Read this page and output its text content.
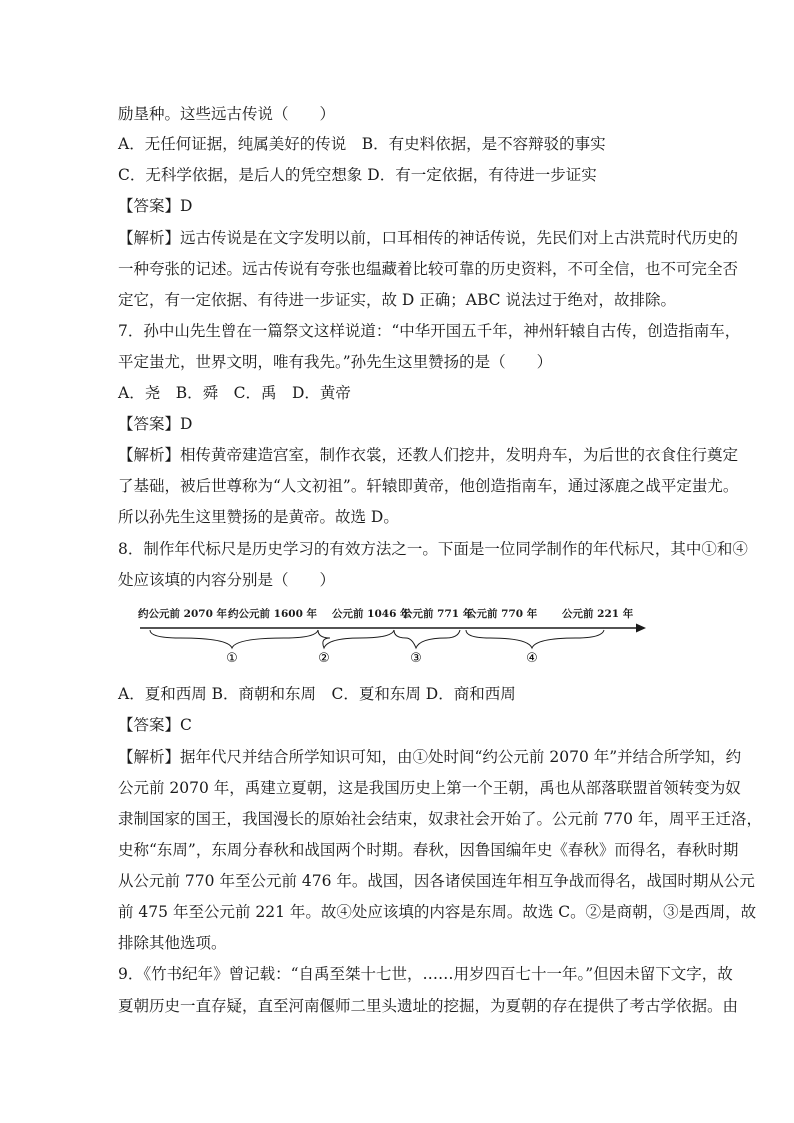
励垦种。这些远古传说（　　）
A．无任何证据，纯属美好的传说　B．有史料依据，是不容辩驳的事实
C．无科学依据，是后人的凭空想象 D．有一定依据，有待进一步证实
【答案】D
【解析】远古传说是在文字发明以前，口耳相传的神话传说，先民们对上古洪荒时代历史的
一种夸张的记述。远古传说有夸张也缊藏着比较可靠的历史资料，不可全信，也不可完全否
定它，有一定依据、有待进一步证实，故 D 正确；ABC 说法过于绝对，故排除。
7．孙中山先生曾在一篇祭文这样说道：“中华开国五千年，神州轩辕自古传，创造指南车，
平定蚩尤，世界文明，唯有我先。”孙先生这里赞扬的是（　　）
A．尧　B．舜　C．禹　D．黄帝
【答案】D
【解析】相传黄帝建造宫室，制作衣裳，还教人们挖井，发明舟车，为后世的衣食住行奠定
了基础，被后世尊称为“人文初祖”。轩辕即黄帝，他创造指南车，通过涿鹿之战平定蚩尤。
所以孙先生这里赞扬的是黄帝。故选 D。
8．制作年代标尺是历史学习的有效方法之一。下面是一位同学制作的年代标尺，其中①和④
处应该填的内容分别是（　　）
①	②	③	④
约公元前 2070 年 约公元前 1600 年 公元前 1046 年
公元前 771 年
公元前 770 年 公元前 221 年
A．夏和西周 B．商朝和东周　C．夏和东周 D．商和西周
【答案】C
【解析】据年代尺并结合所学知识可知，由①处时间“约公元前 2070 年”并结合所学知，约
公元前 2070 年，禹建立夏朝，这是我国历史上第一个王朝，禹也从部落联盟首领转变为奴
隶制国家的国王，我国漫长的原始社会结束，奴隶社会开始了。公元前 770 年，周平王迁洛，
史称“东周”，东周分春秋和战国两个时期。春秋，因鲁国编年史《春秋》而得名，春秋时期
从公元前 770 年至公元前 476 年。战国，因各诸侯国连年相互争战而得名，战国时期从公元
前 475 年至公元前 221 年。故④处应该填的内容是东周。故选 C。②是商朝，③是西周，故
排除其他选项。
9．《竹书纪年》曾记载：“自禹至桀十七世，……用岁四百七十一年。”但因未留下文字，故
夏朝历史一直存疑，直至河南偃师二里头遗址的挖掘，为夏朝的存在提供了考古学依据。由
